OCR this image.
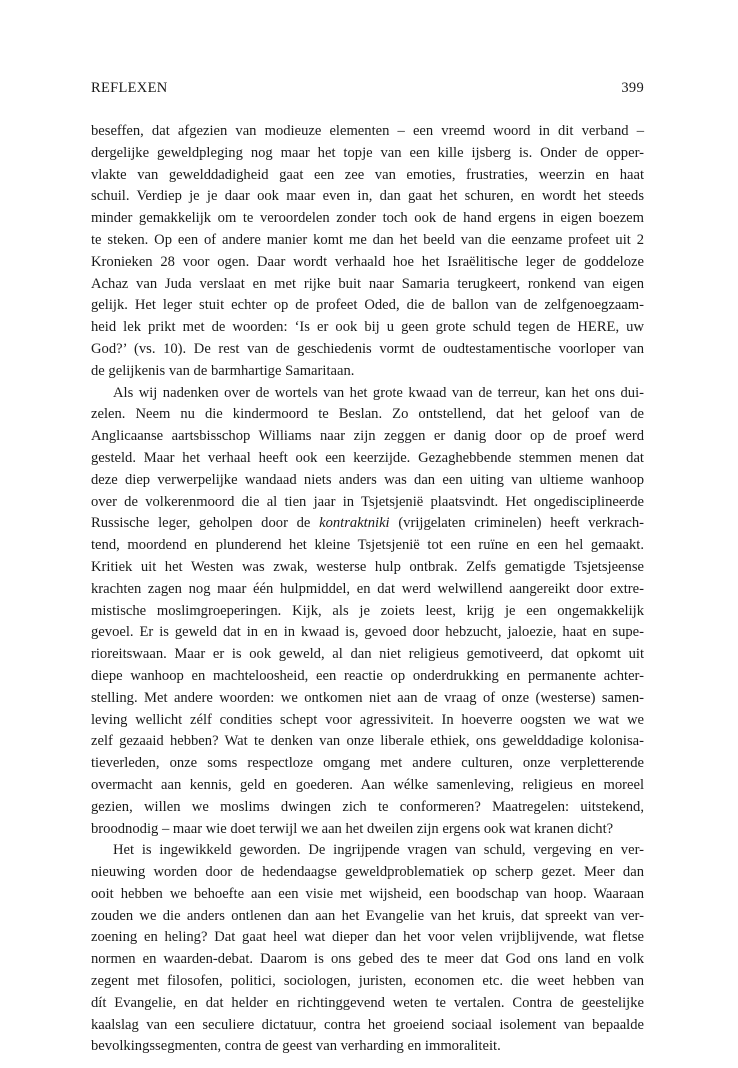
REFLEXEN	399
beseffen, dat afgezien van modieuze elementen – een vreemd woord in dit verband –
dergelijke geweldpleging nog maar het topje van een kille ijsberg is. Onder de opper-
vlakte van gewelddadigheid gaat een zee van emoties, frustraties, weerzin en haat
schuil. Verdiep je je daar ook maar even in, dan gaat het schuren, en wordt het steeds
minder gemakkelijk om te veroordelen zonder toch ook de hand ergens in eigen boezem
te steken. Op een of andere manier komt me dan het beeld van die eenzame profeet uit 2
Kronieken 28 voor ogen. Daar wordt verhaald hoe het Israëlitische leger de goddeloze
Achaz van Juda verslaat en met rijke buit naar Samaria terugkeert, ronkend van eigen
gelijk. Het leger stuit echter op de profeet Oded, die de ballon van de zelfgenoegzaam-
heid lek prikt met de woorden: ‘Is er ook bij u geen grote schuld tegen de HERE, uw
God?’ (vs. 10). De rest van de geschiedenis vormt de oudtestamentische voorloper van
de gelijkenis van de barmhartige Samaritaan.
Als wij nadenken over de wortels van het grote kwaad van de terreur, kan het ons dui-
zelen. Neem nu die kindermoord te Beslan. Zo ontstellend, dat het geloof van de
Anglicaanse aartsbisschop Williams naar zijn zeggen er danig door op de proef werd
gesteld. Maar het verhaal heeft ook een keerzijde. Gezaghebbende stemmen menen dat
deze diep verwerpelijke wandaad niets anders was dan een uiting van ultieme wanhoop
over de volkerenmoord die al tien jaar in Tsjetsjenië plaatsvindt. Het ongedisciplineerde
Russische leger, geholpen door de kontraktniki (vrijgelaten criminelen) heeft verkrach-
tend, moordend en plunderend het kleine Tsjetsjenië tot een ruïne en een hel gemaakt.
Kritiek uit het Westen was zwak, westerse hulp ontbrak. Zelfs gematigde Tsjetsjeense
krachten zagen nog maar één hulpmiddel, en dat werd welwillend aangereikt door extre-
mistische moslimgroeperingen. Kijk, als je zoiets leest, krijg je een ongemakkelijk
gevoel. Er is geweld dat in en in kwaad is, gevoed door hebzucht, jaloezie, haat en supe-
rioreitswaan. Maar er is ook geweld, al dan niet religieus gemotiveerd, dat opkomt uit
diepe wanhoop en machteloosheid, een reactie op onderdrukking en permanente achter-
stelling. Met andere woorden: we ontkomen niet aan de vraag of onze (westerse) samen-
leving wellicht zélf condities schept voor agressiviteit. In hoeverre oogsten we wat we
zelf gezaaid hebben? Wat te denken van onze liberale ethiek, ons gewelddadige kolonisa-
tieverleden, onze soms respectloze omgang met andere culturen, onze verpletterende
overmacht aan kennis, geld en goederen. Aan wélke samenleving, religieus en moreel
gezien, willen we moslims dwingen zich te conformeren? Maatregelen: uitstekend,
broodnodig – maar wie doet terwijl we aan het dweilen zijn ergens ook wat kranen dicht?
Het is ingewikkeld geworden. De ingrijpende vragen van schuld, vergeving en ver-
nieuwing worden door de hedendaagse geweldproblematiek op scherp gezet. Meer dan
ooit hebben we behoefte aan een visie met wijsheid, een boodschap van hoop. Waaraan
zouden we die anders ontlenen dan aan het Evangelie van het kruis, dat spreekt van ver-
zoening en heling? Dat gaat heel wat dieper dan het voor velen vrijblijvende, wat fletse
normen en waarden-debat. Daarom is ons gebed des te meer dat God ons land en volk
zegent met filosofen, politici, sociologen, juristen, economen etc. die weet hebben van
dít Evangelie, en dat helder en richtinggevend weten te vertalen. Contra de geestelijke
kaalslag van een seculiere dictatuur, contra het groeiend sociaal isolement van bepaalde
bevolkingssegmenten, contra de geest van verharding en immoraliteit.
